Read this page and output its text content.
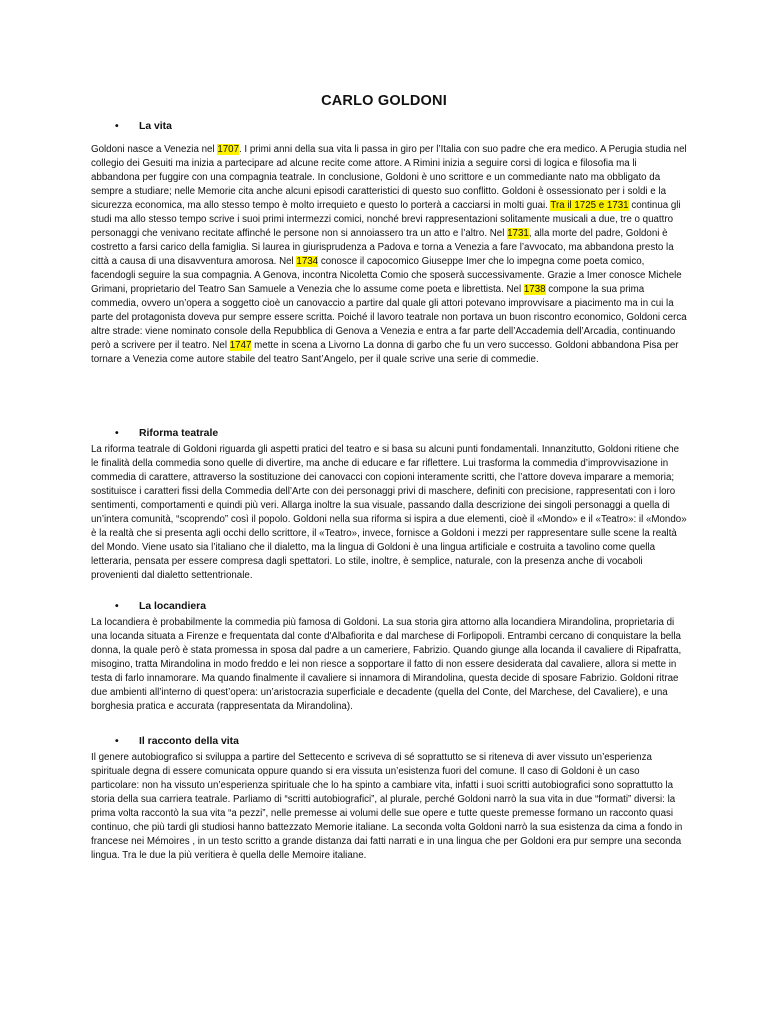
CARLO GOLDONI
• La vita

Goldoni nasce a Venezia nel 1707. I primi anni della sua vita li passa in giro per l’Italia con suo padre che era medico. A Perugia studia nel collegio dei Gesuiti ma inizia a partecipare ad alcune recite come attore. A Rimini inizia a seguire corsi di logica e filosofia ma li abbandona per fuggire con una compagnia teatrale. In conclusione, Goldoni è uno scrittore e un commediante nato ma obbligato da sempre a studiare; nelle Memorie cita anche alcuni episodi caratteristici di questo suo conflitto. Goldoni è ossessionato per i soldi e la sicurezza economica, ma allo stesso tempo è molto irrequieto e questo lo porterà a cacciarsi in molti guai. Tra il 1725 e 1731 continua gli studi ma allo stesso tempo scrive i suoi primi intermezzi comici, nonché brevi rappresentazioni solitamente musicali a due, tre o quattro personaggi che venivano recitate affinché le persone non si annoiassero tra un atto e l’altro. Nel 1731, alla morte del padre, Goldoni è costretto a farsi carico della famiglia. Si laurea in giurisprudenza a Padova e torna a Venezia a fare l’avvocato, ma abbandona presto la città a causa di una disavventura amorosa. Nel 1734 conosce il capocomico Giuseppe Imer che lo impegna come poeta comico, facendogli seguire la sua compagnia. A Genova, incontra Nicoletta Comio che sposerà successivamente. Grazie a Imer conosce Michele Grimani, proprietario del Teatro San Samuele a Venezia che lo assume come poeta e librettista. Nel 1738 compone la sua prima commedia, ovvero un’opera a soggetto cioè un canovaccio a partire dal quale gli attori potevano improvvisare a piacimento ma in cui la parte del protagonista doveva pur sempre essere scritta. Poiché il lavoro teatrale non portava un buon riscontro economico, Goldoni cerca altre strade: viene nominato console della Repubblica di Genova a Venezia e entra a far parte dell’Accademia dell’Arcadia, continuando però a scrivere per il teatro. Nel 1747 mette in scena a Livorno La donna di garbo che fu un vero successo. Goldoni abbandona Pisa per tornare a Venezia come autore stabile del teatro Sant’Angelo, per il quale scrive una serie di commedie.

• Riforma teatrale

La riforma teatrale di Goldoni riguarda gli aspetti pratici del teatro e si basa su alcuni punti fondamentali. Innanzitutto, Goldoni ritiene che le finalità della commedia sono quelle di divertire, ma anche di educare e far riflettere. Lui trasforma la commedia d’improvvisazione in commedia di carattere, attraverso la sostituzione dei canovacci con copioni interamente scritti, che l’attore doveva imparare a memoria; sostituisce i caratteri fissi della Commedia dell’Arte con dei personaggi privi di maschere, definiti con precisione, rappresentati con i loro sentimenti, comportamenti e quindi più veri. Allarga inoltre la sua visuale, passando dalla descrizione dei singoli personaggi a quella di un’intera comunità, “scoprendo” così il popolo. Goldoni nella sua riforma si ispira a due elementi, cioè il «Mondo» e il «Teatro»: il «Mondo» è la realtà che si presenta agli occhi dello scrittore, il «Teatro», invece, fornisce a Goldoni i mezzi per rappresentare sulle scene la realtà del Mondo. Viene usato sia l’italiano che il dialetto, ma la lingua di Goldoni è una lingua artificiale e costruita a tavolino come quella letteraria, pensata per essere compresa dagli spettatori. Lo stile, inoltre, è semplice, naturale, con la presenza anche di vocaboli provenienti dal dialetto settentrionale.

• La locandiera

La locandiera è probabilmente la commedia più famosa di Goldoni. La sua storia gira attorno alla locandiera Mirandolina, proprietaria di una locanda situata a Firenze e frequentata dal conte d'Albafiorita e dal marchese di Forlipopoli. Entrambi cercano di conquistare la bella donna, la quale però è stata promessa in sposa dal padre a un cameriere, Fabrizio. Quando giunge alla locanda il cavaliere di Ripafratta, misogino, tratta Mirandolina in modo freddo e lei non riesce a sopportare il fatto di non essere desiderata dal cavaliere, allora si mette in testa di farlo innamorare. Ma quando finalmente il cavaliere si innamora di Mirandolina, questa decide di sposare Fabrizio. Goldoni ritrae due ambienti all’interno di quest’opera: un’aristocrazia superficiale e decadente (quella del Conte, del Marchese, del Cavaliere), e una borghesia pratica e accurata (rappresentata da Mirandolina).

• Il racconto della vita

Il genere autobiografico si sviluppa a partire del Settecento e scriveva di sé soprattutto se si riteneva di aver vissuto un’esperienza spirituale degna di essere comunicata oppure quando si era vissuta un’esistenza fuori del comune. Il caso di Goldoni è un caso particolare: non ha vissuto un’esperienza spirituale che lo ha spinto a cambiare vita, infatti i suoi scritti autobiografici sono soprattutto la storia della sua carriera teatrale. Parliamo di “scritti autobiografici”, al plurale, perché Goldoni narrò la sua vita in due “formati” diversi: la prima volta raccontò la sua vita “a pezzi”, nelle premesse ai volumi delle sue opere e tutte queste premesse formano un racconto quasi continuo, che più tardi gli studiosi hanno battezzato Memorie italiane. La seconda volta Goldoni narrò la sua esistenza da cima a fondo in francese nei Mémoires , in un testo scritto a grande distanza dai fatti narrati e in una lingua che per Goldoni era pur sempre una seconda lingua. Tra le due la più veritiera è quella delle Memoire italiane.
